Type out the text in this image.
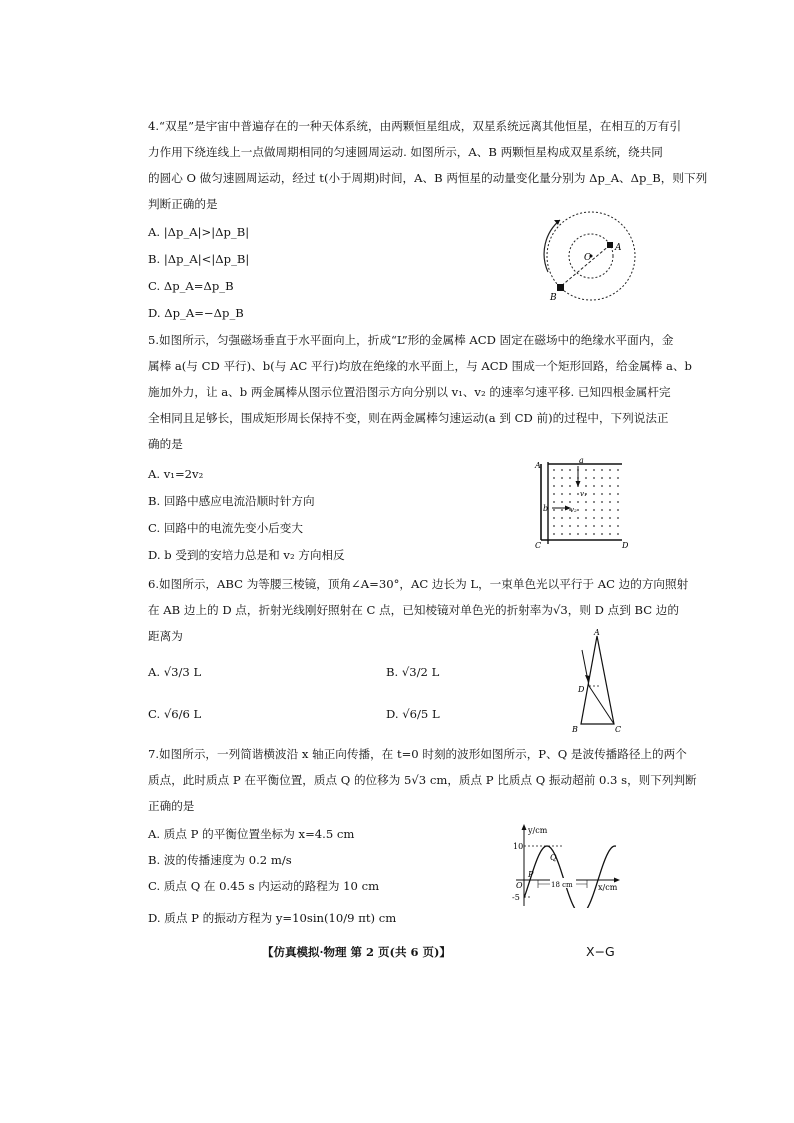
4.“双星”是宇宙中普遍存在的一种天体系统，由两颗恒星组成，双星系统远离其他恒星，在相互的万有引
力作用下绕连线上一点做周期相同的匀速圆周运动. 如图所示，A、B 两颗恒星构成双星系统，绕共同
的圆心 O 做匀速圆周运动，经过 t(小于周期)时间，A、B 两恒星的动量变化量分别为 Δp_A、Δp_B，则下列
判断正确的是
A. |Δp_A|>|Δp_B|
B. |Δp_A|<|Δp_B|
C. Δp_A=Δp_B
D. Δp_A=−Δp_B
A
B
O
5.如图所示，匀强磁场垂直于水平面向上，折成“L”形的金属棒 ACD 固定在磁场中的绝缘水平面内，金
属棒 a(与 CD 平行)、b(与 AC 平行)均放在绝缘的水平面上，与 ACD 围成一个矩形回路，给金属棒 a、b
施加外力，让 a、b 两金属棒从图示位置沿图示方向分别以 v₁、v₂ 的速率匀速平移. 已知四根金属杆完
全相同且足够长，围成矩形周长保持不变，则在两金属棒匀速运动(a 到 CD 前)的过程中，下列说法正
确的是
A. v₁=2v₂
B. 回路中感应电流沿顺时针方向
C. 回路中的电流先变小后变大
D. b 受到的安培力总是和 v₂ 方向相反
A
C	D
a
b
v₁
v₂
6.如图所示，ABC 为等腰三棱镜，顶角∠A=30°，AC 边长为 L，一束单色光以平行于 AC 边的方向照射
在 AB 边上的 D 点，折射光线刚好照射在 C 点，已知棱镜对单色光的折射率为√3，则 D 点到 BC 边的
距离为
A. √3/3 L	B. √3/2 L
C. √6/6 L	D. √6/5 L
A
B	C
D
7.如图所示，一列简谐横波沿 x 轴正向传播，在 t=0 时刻的波形如图所示，P、Q 是波传播路径上的两个
质点，此时质点 P 在平衡位置，质点 Q 的位移为 5√3 cm，质点 P 比质点 Q 振动超前 0.3 s，则下列判断
正确的是
A. 质点 P 的平衡位置坐标为 x=4.5 cm
B. 波的传播速度为 0.2 m/s
C. 质点 Q 在 0.45 s 内运动的路程为 10 cm
D. 质点 P 的振动方程为 y=10sin(10/9 πt) cm
y/cm
x/cm
10
-5
O
P
Q
18 cm
【仿真模拟·物理 第 2 页(共 6 页)】	X−G
